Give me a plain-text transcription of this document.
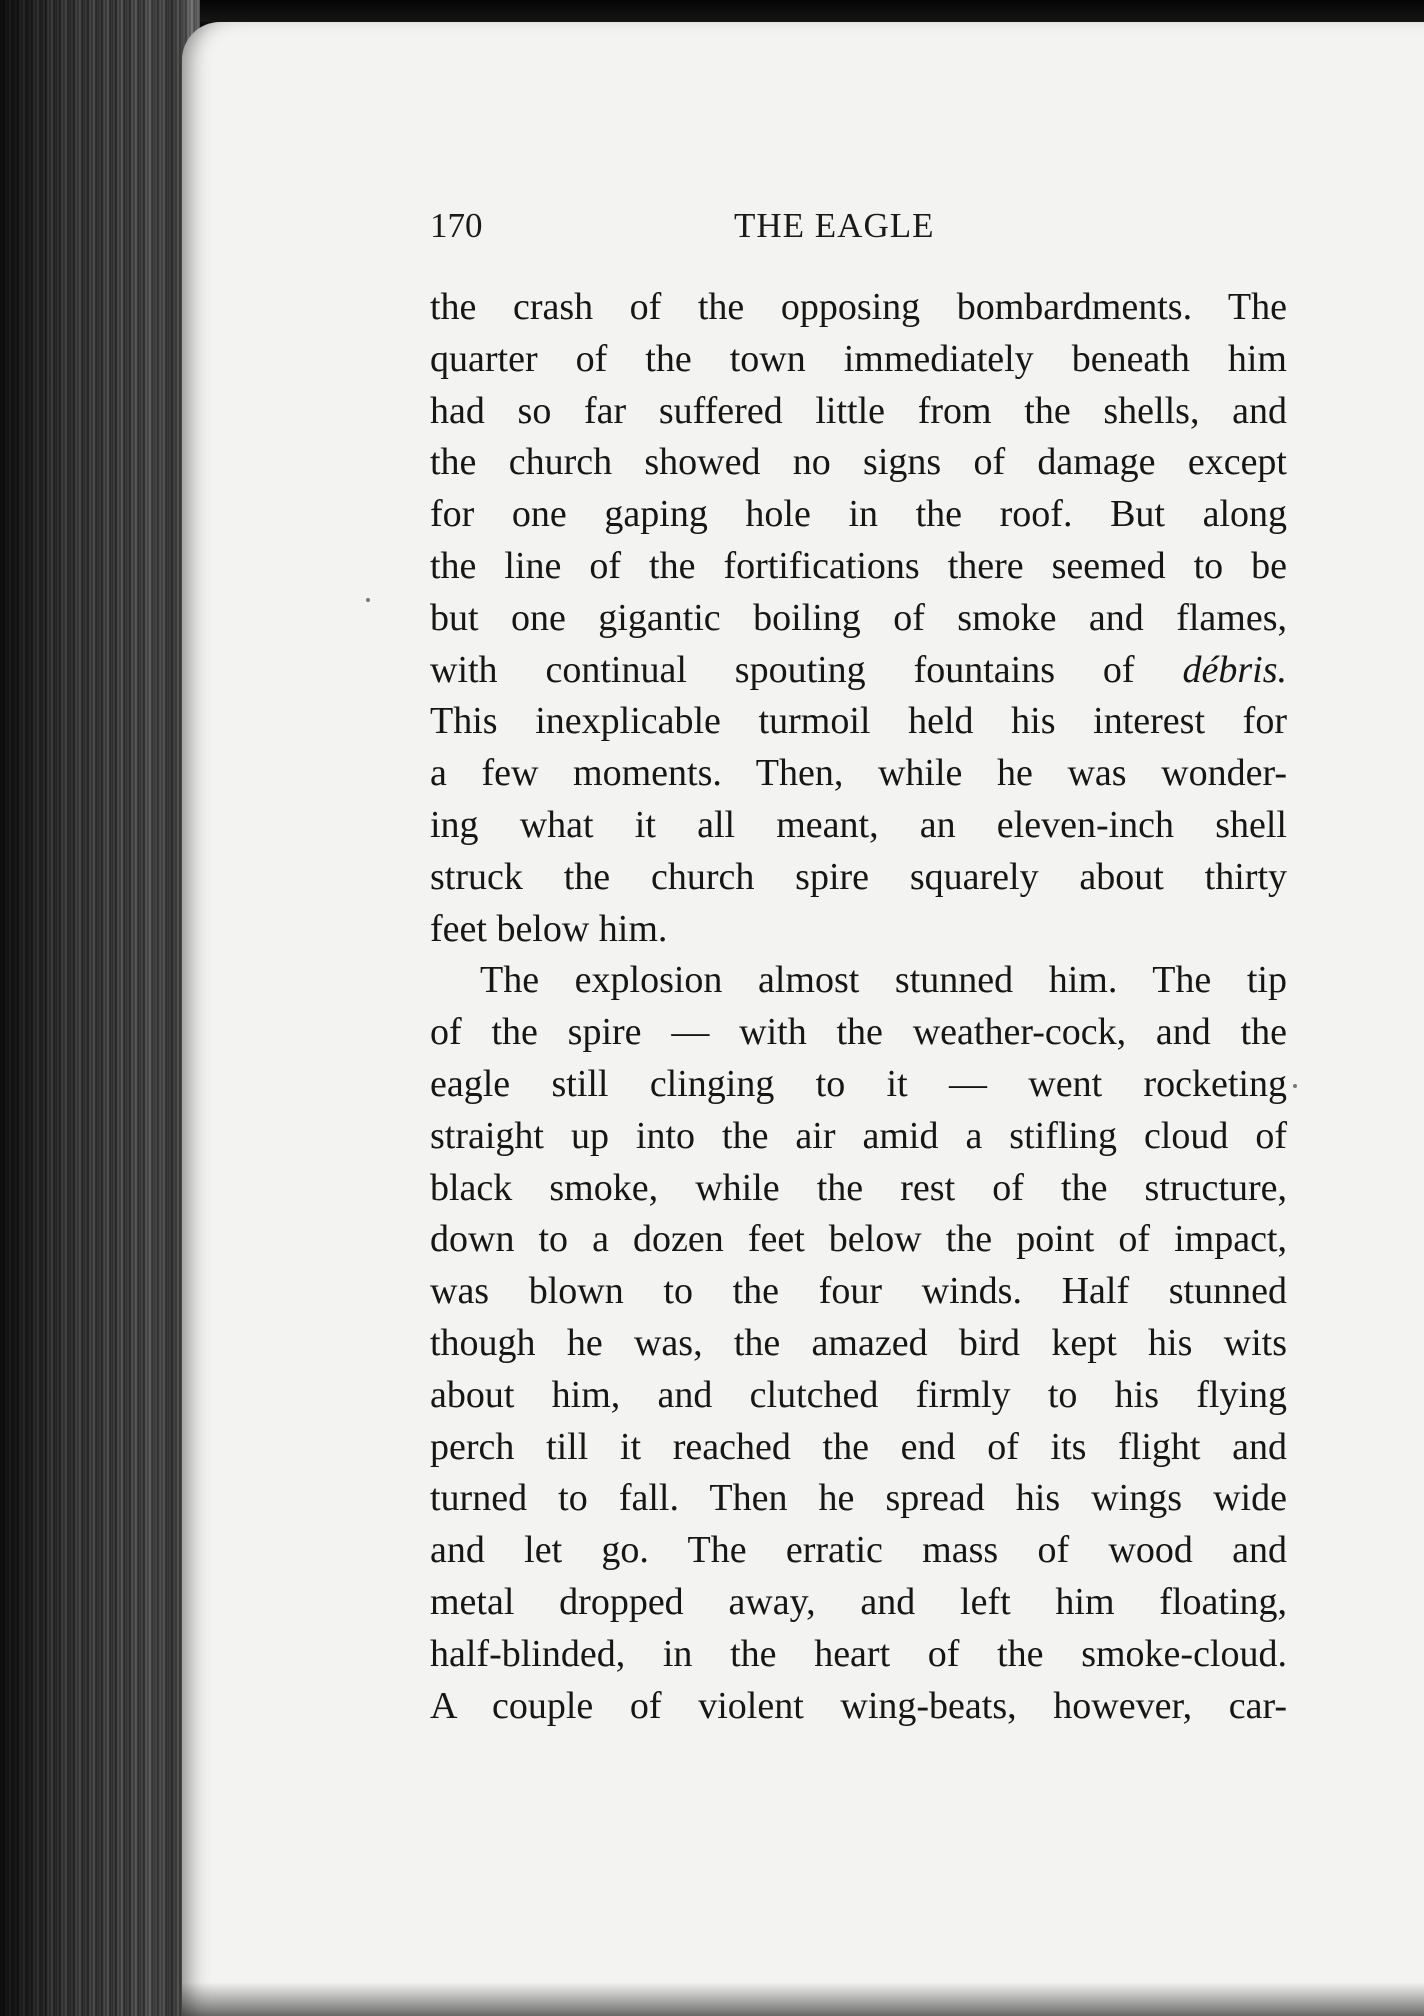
170	THE EAGLE
the crash of the opposing bombardments. The
quarter of the town immediately beneath him
had so far suffered little from the shells, and
the church showed no signs of damage except
for one gaping hole in the roof. But along
the line of the fortifications there seemed to be
but one gigantic boiling of smoke and flames,
with continual spouting fountains of débris.
This inexplicable turmoil held his interest for
a few moments. Then, while he was wonder-
ing what it all meant, an eleven-inch shell
struck the church spire squarely about thirty
feet below him.
The explosion almost stunned him. The tip
of the spire — with the weather-cock, and the
eagle still clinging to it — went rocketing
straight up into the air amid a stifling cloud of
black smoke, while the rest of the structure,
down to a dozen feet below the point of impact,
was blown to the four winds. Half stunned
though he was, the amazed bird kept his wits
about him, and clutched firmly to his flying
perch till it reached the end of its flight and
turned to fall. Then he spread his wings wide
and let go. The erratic mass of wood and
metal dropped away, and left him floating,
half-blinded, in the heart of the smoke-cloud.
A couple of violent wing-beats, however, car-
